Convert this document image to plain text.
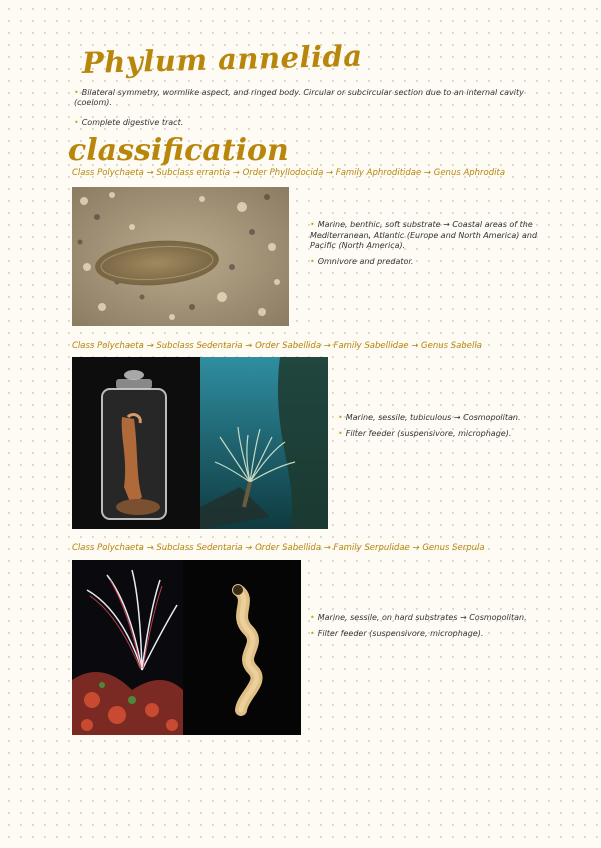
Phylum annelida
• Bilateral symmetry, wormlike aspect, and ringed body. Circular or subcircular section due to an internal cavity (coelom).
• Complete digestive tract.
classification
Class Polychaeta → Subclass errantia → Order Phyllodocida → Family Aphroditidae → Genus Aphrodita

• Marine, benthic, soft substrate → Coastal areas of the Mediterranean, Atlantic (Europe and North America) and Pacific (North America).

• Omnivore and predator.

Class Polychaeta → Subclass Sedentaria → Order Sabellida → Family Sabellidae → Genus Sabella

• Marine, sessile, tubiculous → Cosmopolitan.

• Filter feeder (suspensivore, microphage).

Class Polychaeta → Subclass Sedentaria → Order Sabellida → Family Serpulidae → Genus Serpula

• Marine, sessile, on hard substrates → Cosmopolitan.

• Filter feeder (suspensivore, microphage).
